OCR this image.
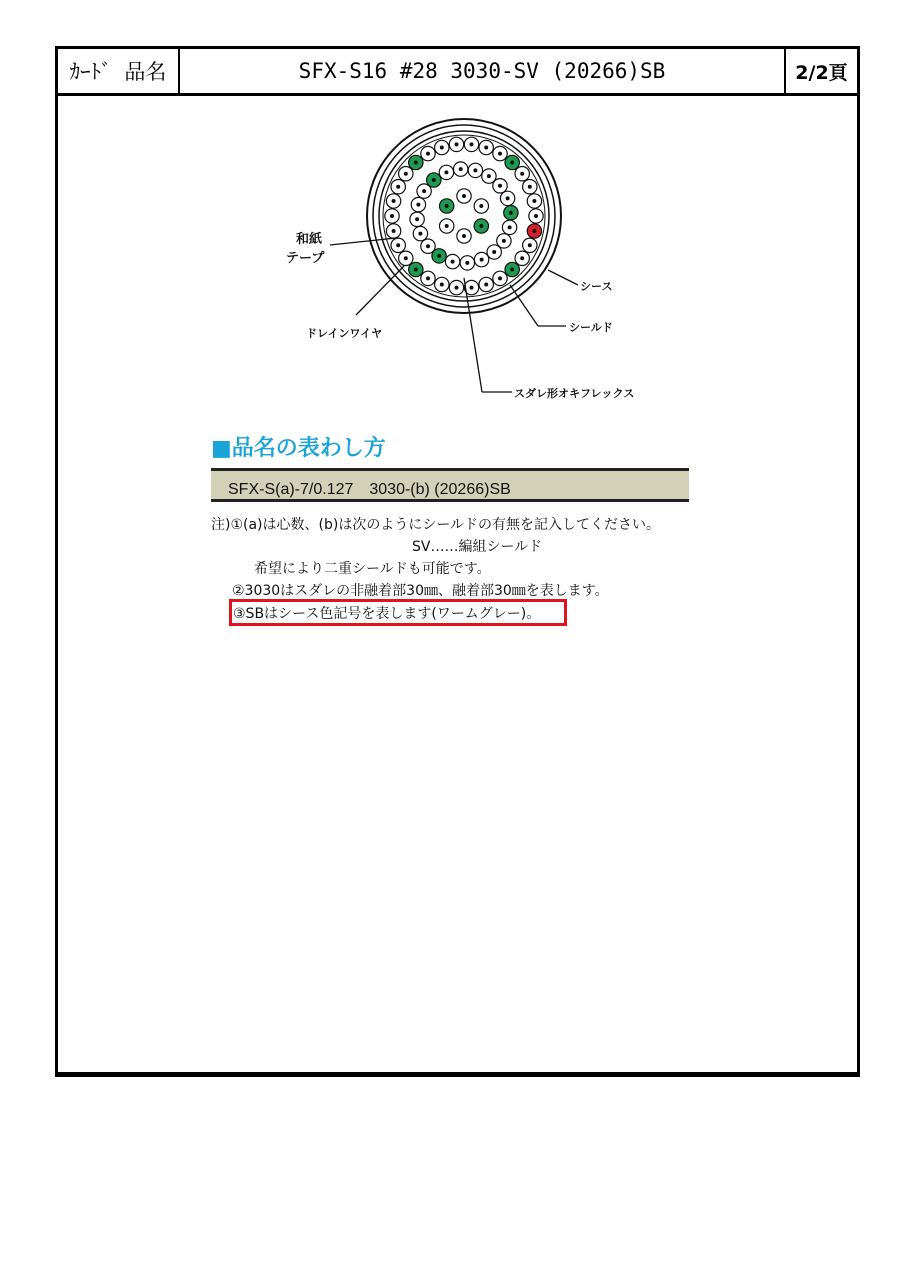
ｶｰﾄﾞ 品名	SFX-S16 #28 3030-SV (20266)SB	2/2頁
和紙
テープ
シース
シールド
ドレインワイヤ
スダレ形オキフレックス
■品名の表わし方
SFX-S(a)-7/0.127　3030-(b) (20266)SB
注)①(a)は心数、(b)は次のようにシールドの有無を記入してください。
SV……編組シールド
希望により二重シールドも可能です。
②3030はスダレの非融着部30㎜、融着部30㎜を表します。
③SBはシース色記号を表します(ワームグレー)。
